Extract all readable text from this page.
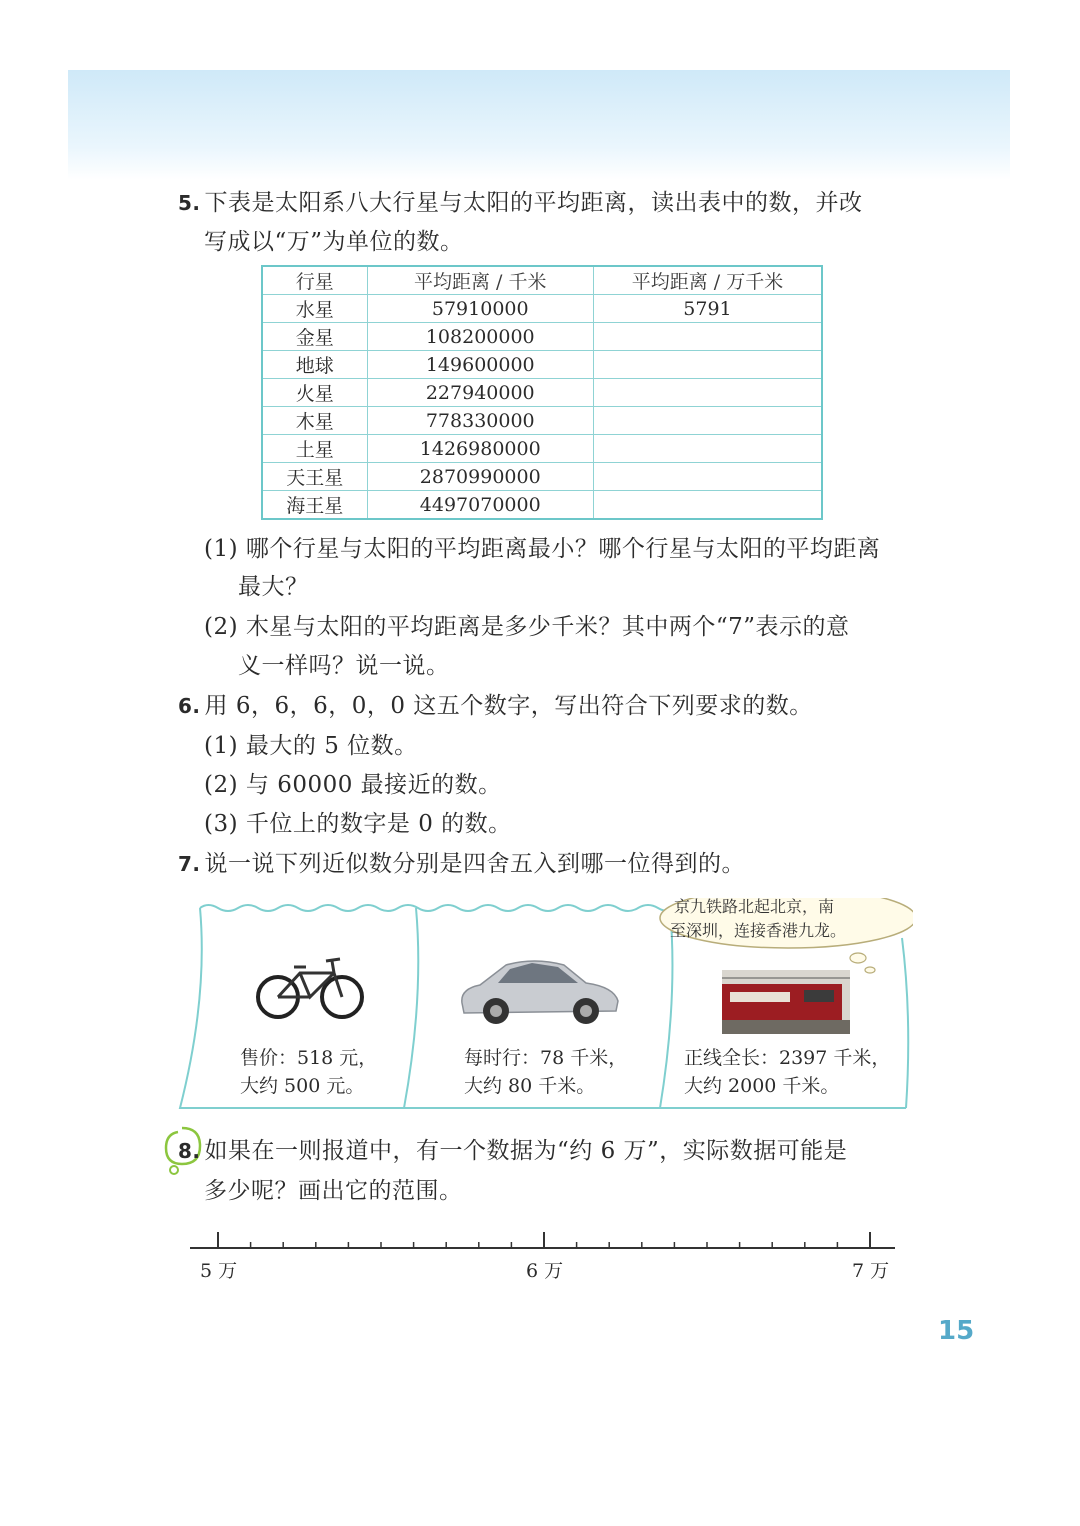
5. 下表是太阳系八大行星与太阳的平均距离，读出表中的数，并改
写成以“万”为单位的数。
行星	平均距离 / 千米	平均距离 / 万千米
水星	57910000	5791
金星	108200000	
地球	149600000	
火星	227940000	
木星	778330000	
土星	1426980000	
天王星	2870990000	
海王星	4497070000	
(1) 哪个行星与太阳的平均距离最小？哪个行星与太阳的平均距离
最大？
(2) 木星与太阳的平均距离是多少千米？其中两个“7”表示的意
义一样吗？说一说。
6. 用 6，6，6，0，0 这五个数字，写出符合下列要求的数。
(1) 最大的 5 位数。
(2) 与 60000 最接近的数。
(3) 千位上的数字是 0 的数。
7. 说一说下列近似数分别是四舍五入到哪一位得到的。
京九铁路北起北京，南
至深圳，连接香港九龙。
售价：518 元，
大约 500 元。
每时行：78 千米，
大约 80 千米。
正线全长：2397 千米，
大约 2000 千米。
8. 如果在一则报道中，有一个数据为“约 6 万”，实际数据可能是
多少呢？画出它的范围。
5 万	6 万	7 万
15
